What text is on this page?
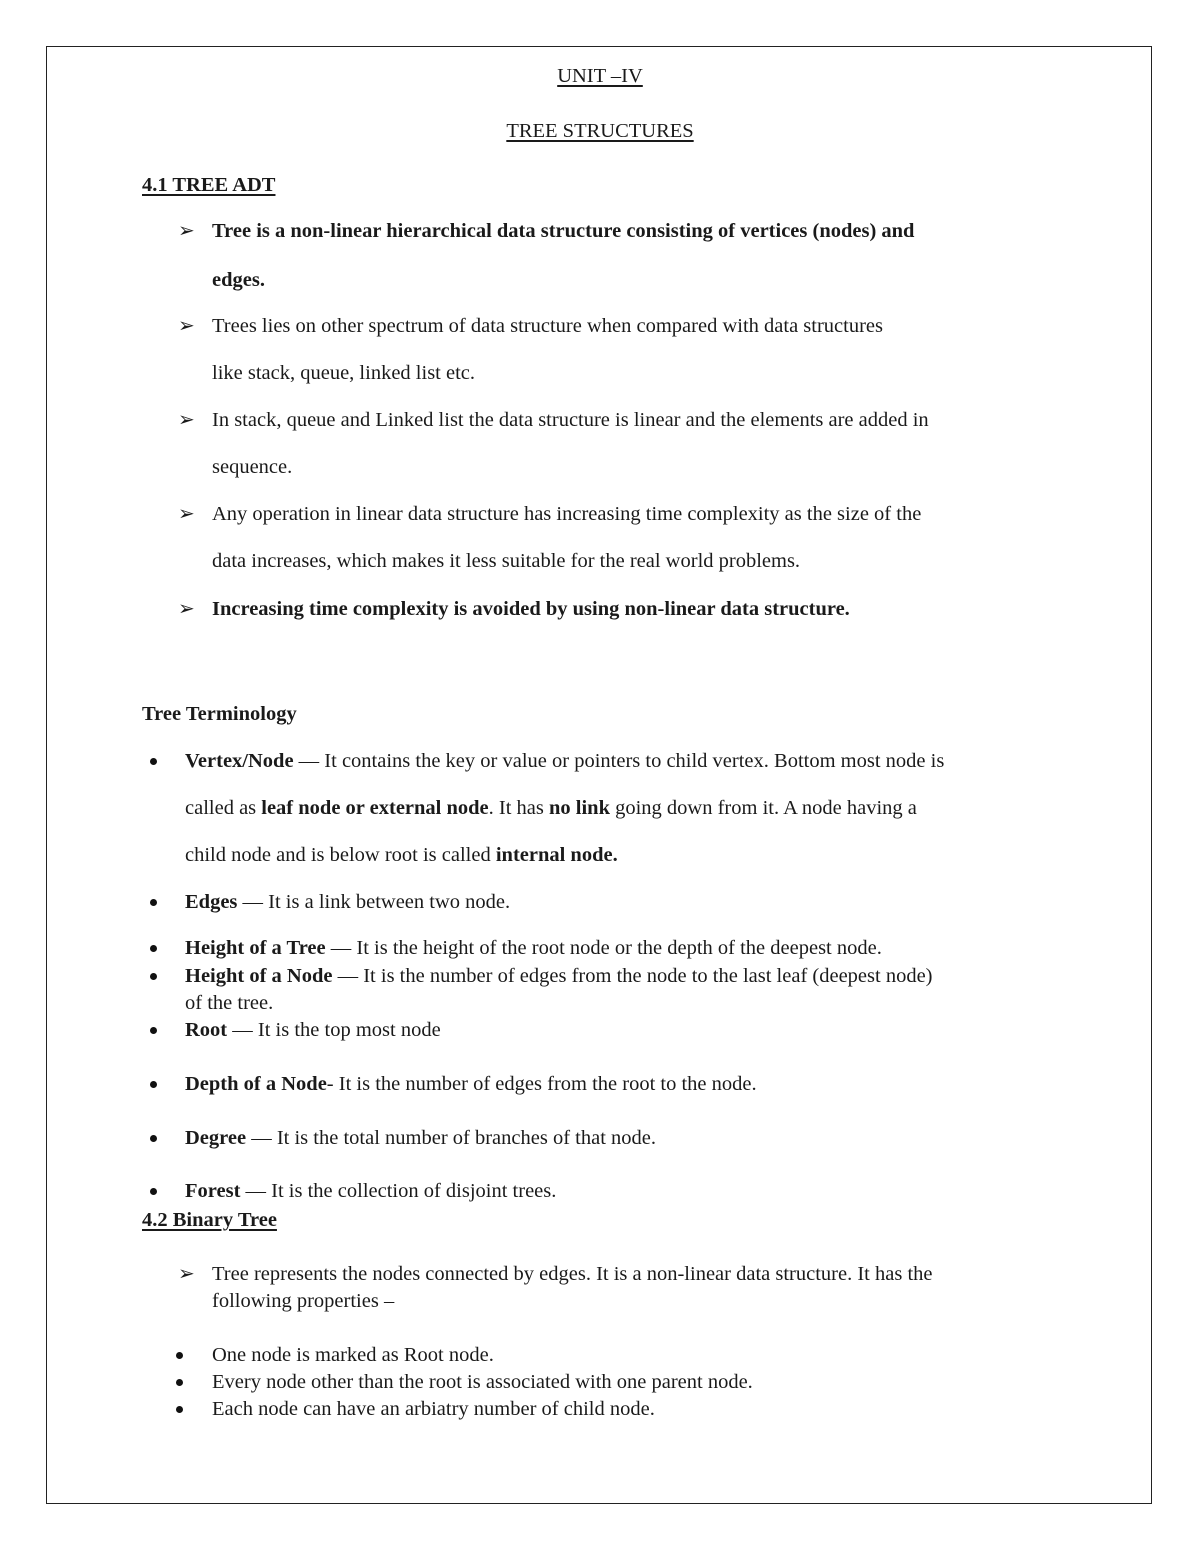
UNIT –IV
TREE STRUCTURES
4.1 TREE ADT
➢ Tree is a non-linear hierarchical data structure consisting of vertices (nodes) and
edges.
➢ Trees lies on other spectrum of data structure when compared with data structures
like stack, queue, linked list etc.
➢ In stack, queue and Linked list the data structure is linear and the elements are added in
sequence.
➢ Any operation in linear data structure has increasing time complexity as the size of the
data increases, which makes it less suitable for the real world problems.
➢ Increasing time complexity is avoided by using non-linear data structure.
Tree Terminology
Vertex/Node — It contains the key or value or pointers to child vertex. Bottom most node is
called as leaf node or external node. It has no link going down from it. A node having a
child node and is below root is called internal node.
Edges — It is a link between two node.
Height of a Tree — It is the height of the root node or the depth of the deepest node.
Height of a Node — It is the number of edges from the node to the last leaf (deepest node)
of the tree.
Root — It is the top most node
Depth of a Node- It is the number of edges from the root to the node.
Degree — It is the total number of branches of that node.
Forest — It is the collection of disjoint trees.
4.2 Binary Tree
➢ Tree represents the nodes connected by edges. It is a non-linear data structure. It has the
following properties –
One node is marked as Root node.
Every node other than the root is associated with one parent node.
Each node can have an arbiatry number of child node.
